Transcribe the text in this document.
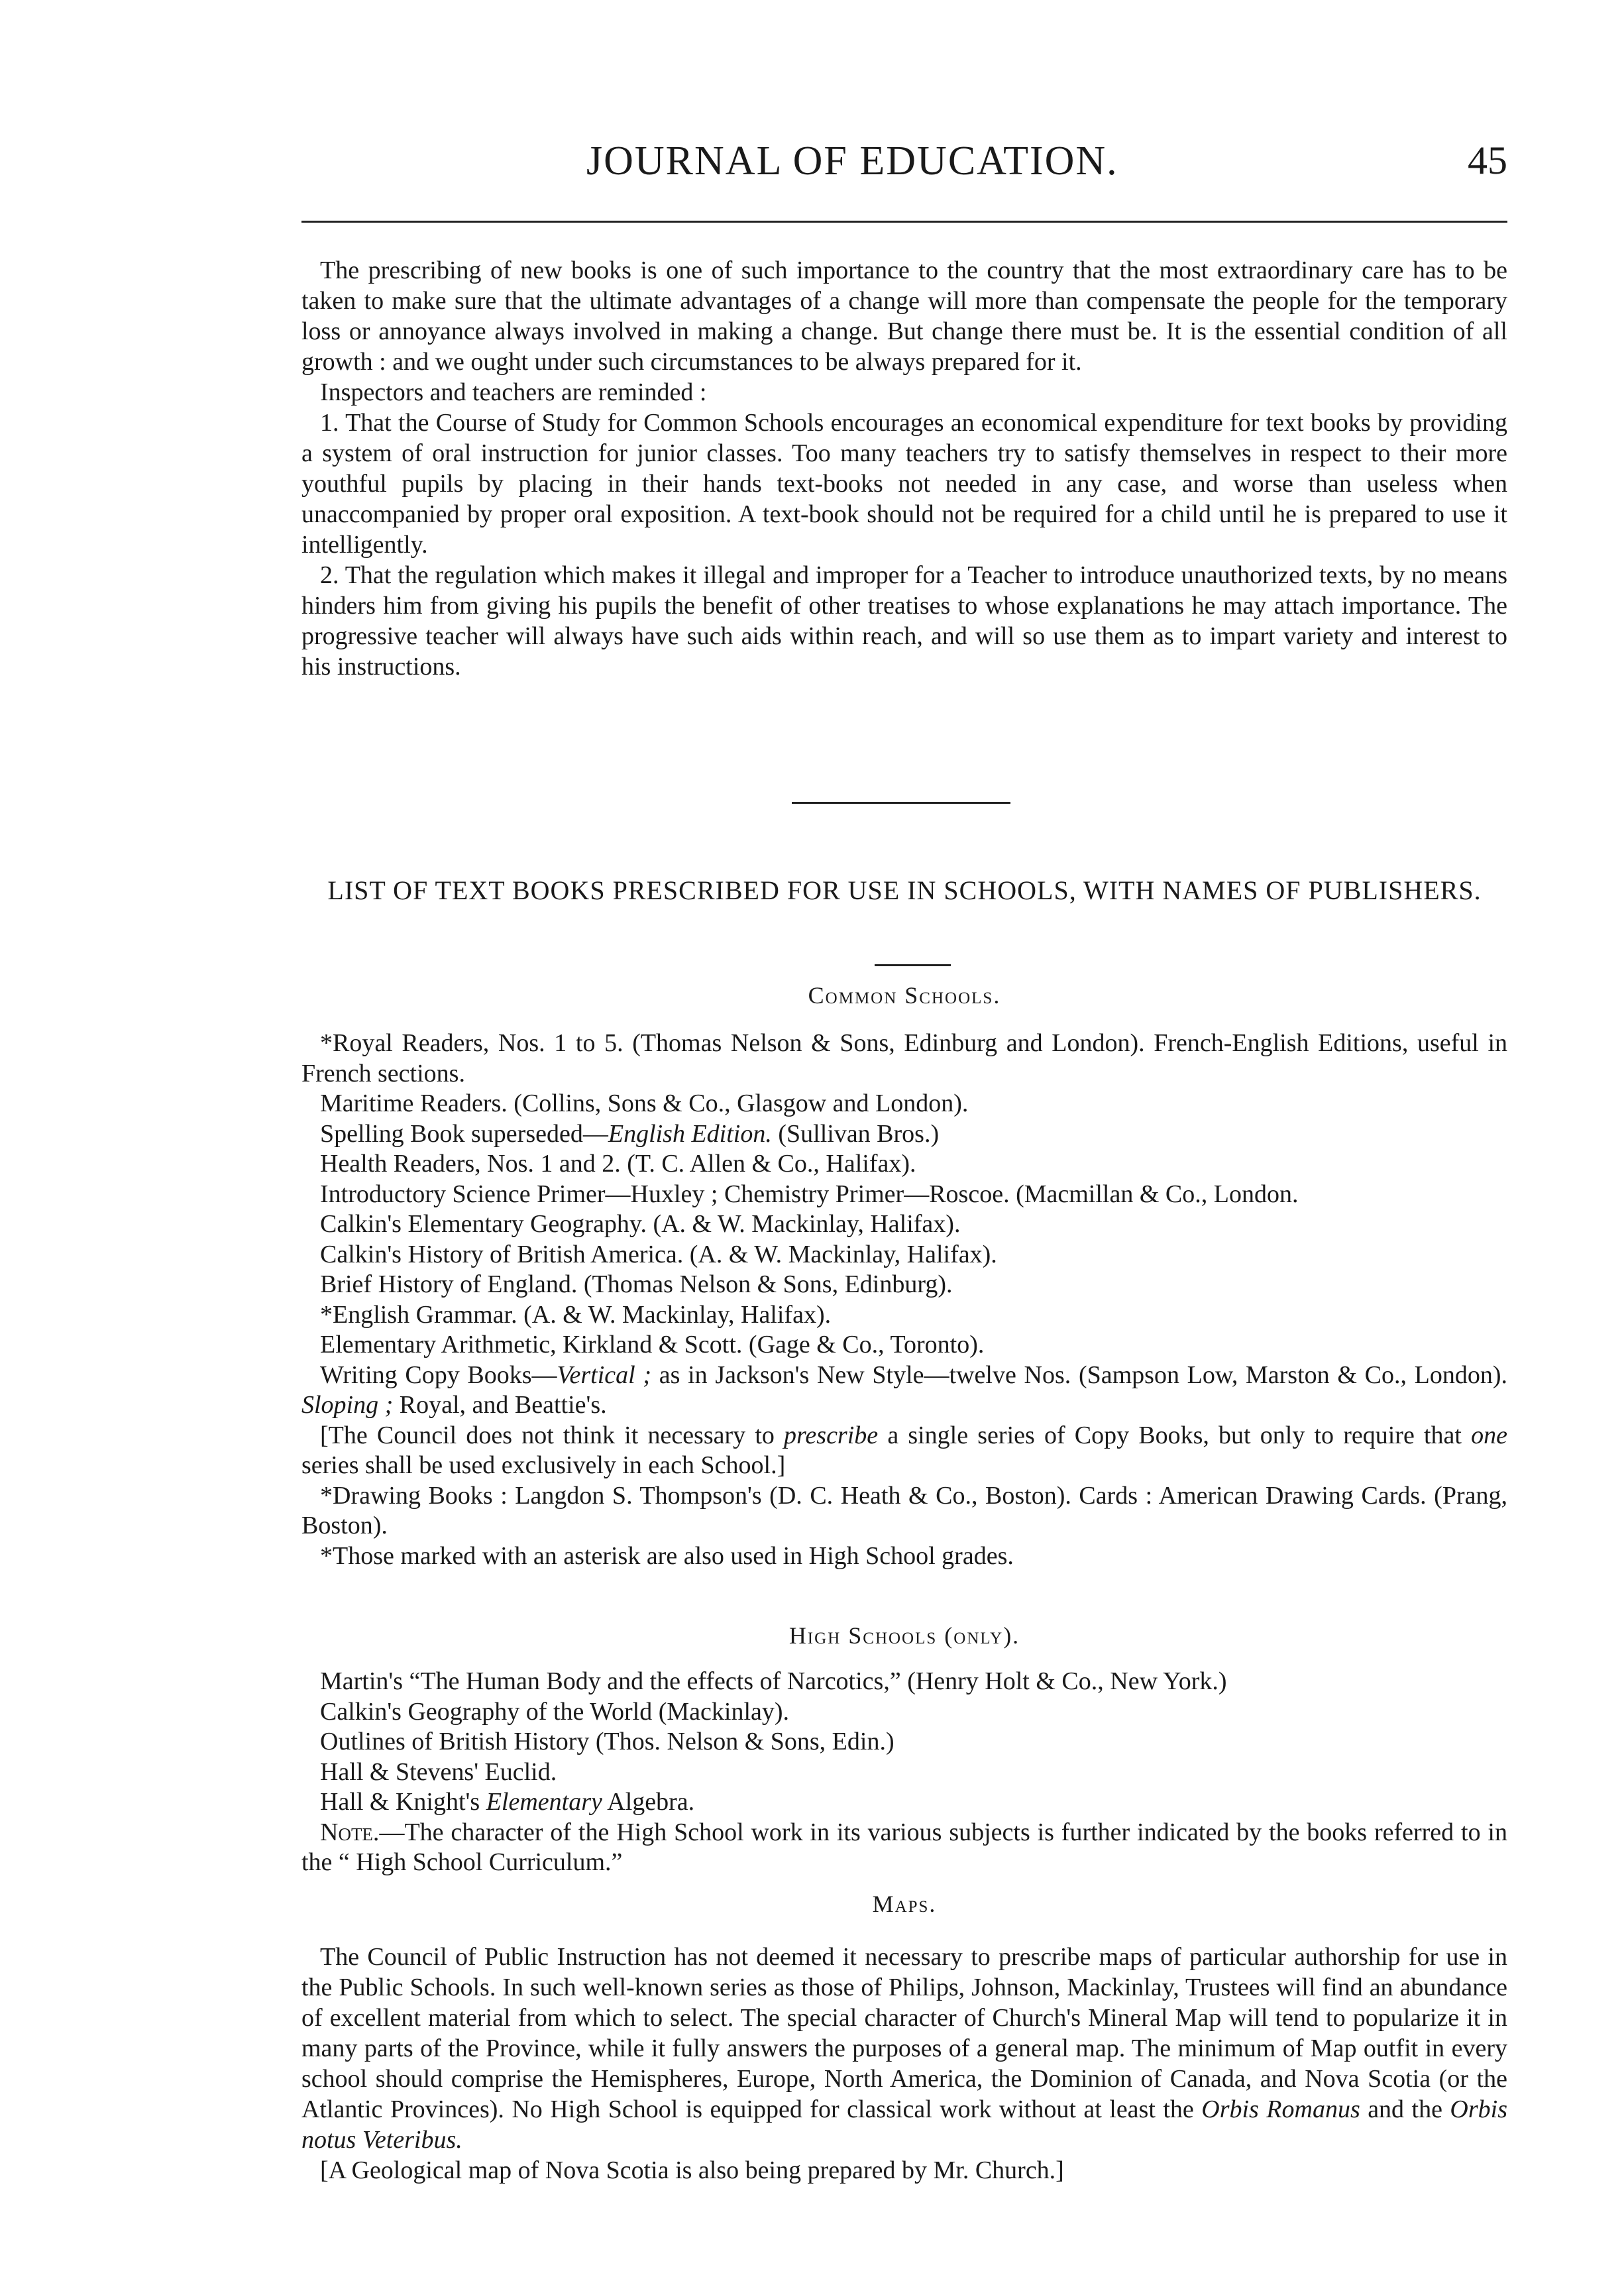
JOURNAL OF EDUCATION.	45

The prescribing of new books is one of such importance to the country that the most extraordinary care has to be taken to make sure that the ultimate advantages of a change will more than compensate the people for the temporary loss or annoyance always involved in making a change. But change there must be. It is the essential condition of all growth : and we ought under such circumstances to be always prepared for it.

Inspectors and teachers are reminded :

1. That the Course of Study for Common Schools encourages an economical expenditure for text books by providing a system of oral instruction for junior classes. Too many teachers try to satisfy themselves in respect to their more youthful pupils by placing in their hands text-books not needed in any case, and worse than useless when unaccompanied by proper oral exposition. A text-book should not be required for a child until he is prepared to use it intelligently.

2. That the regulation which makes it illegal and improper for a Teacher to introduce unauthorized texts, by no means hinders him from giving his pupils the benefit of other treatises to whose explanations he may attach importance. The progressive teacher will always have such aids within reach, and will so use them as to impart variety and interest to his instructions.

LIST OF TEXT BOOKS PRESCRIBED FOR USE IN SCHOOLS, WITH NAMES OF PUBLISHERS.
Common Schools.

*Royal Readers, Nos. 1 to 5. (Thomas Nelson & Sons, Edinburg and London). French-English Editions, useful in French sections.

Maritime Readers. (Collins, Sons & Co., Glasgow and London).

Spelling Book superseded—English Edition. (Sullivan Bros.)

Health Readers, Nos. 1 and 2. (T. C. Allen & Co., Halifax).

Introductory Science Primer—Huxley ; Chemistry Primer—Roscoe. (Macmillan & Co., London.

Calkin's Elementary Geography. (A. & W. Mackinlay, Halifax).

Calkin's History of British America. (A. & W. Mackinlay, Halifax).

Brief History of England. (Thomas Nelson & Sons, Edinburg).

*English Grammar. (A. & W. Mackinlay, Halifax).

Elementary Arithmetic, Kirkland & Scott. (Gage & Co., Toronto).

Writing Copy Books—Vertical ; as in Jackson's New Style—twelve Nos. (Sampson Low, Marston & Co., London). Sloping ; Royal, and Beattie's.

[The Council does not think it necessary to prescribe a single series of Copy Books, but only to require that one series shall be used exclusively in each School.]

*Drawing Books : Langdon S. Thompson's (D. C. Heath & Co., Boston). Cards : American Drawing Cards. (Prang, Boston).

*Those marked with an asterisk are also used in High School grades.

High Schools (only).

Martin's “The Human Body and the effects of Narcotics,” (Henry Holt & Co., New York.)

Calkin's Geography of the World (Mackinlay).

Outlines of British History (Thos. Nelson & Sons, Edin.)

Hall & Stevens' Euclid.

Hall & Knight's Elementary Algebra.

Note.—The character of the High School work in its various subjects is further indicated by the books referred to in the “ High School Curriculum.”

Maps.

The Council of Public Instruction has not deemed it necessary to prescribe maps of particular authorship for use in the Public Schools. In such well-known series as those of Philips, Johnson, Mackinlay, Trustees will find an abundance of excellent material from which to select. The special character of Church's Mineral Map will tend to popularize it in many parts of the Province, while it fully answers the purposes of a general map. The minimum of Map outfit in every school should comprise the Hemispheres, Europe, North America, the Dominion of Canada, and Nova Scotia (or the Atlantic Provinces). No High School is equipped for classical work without at least the Orbis Romanus and the Orbis notus Veteribus.

[A Geological map of Nova Scotia is also being prepared by Mr. Church.]
